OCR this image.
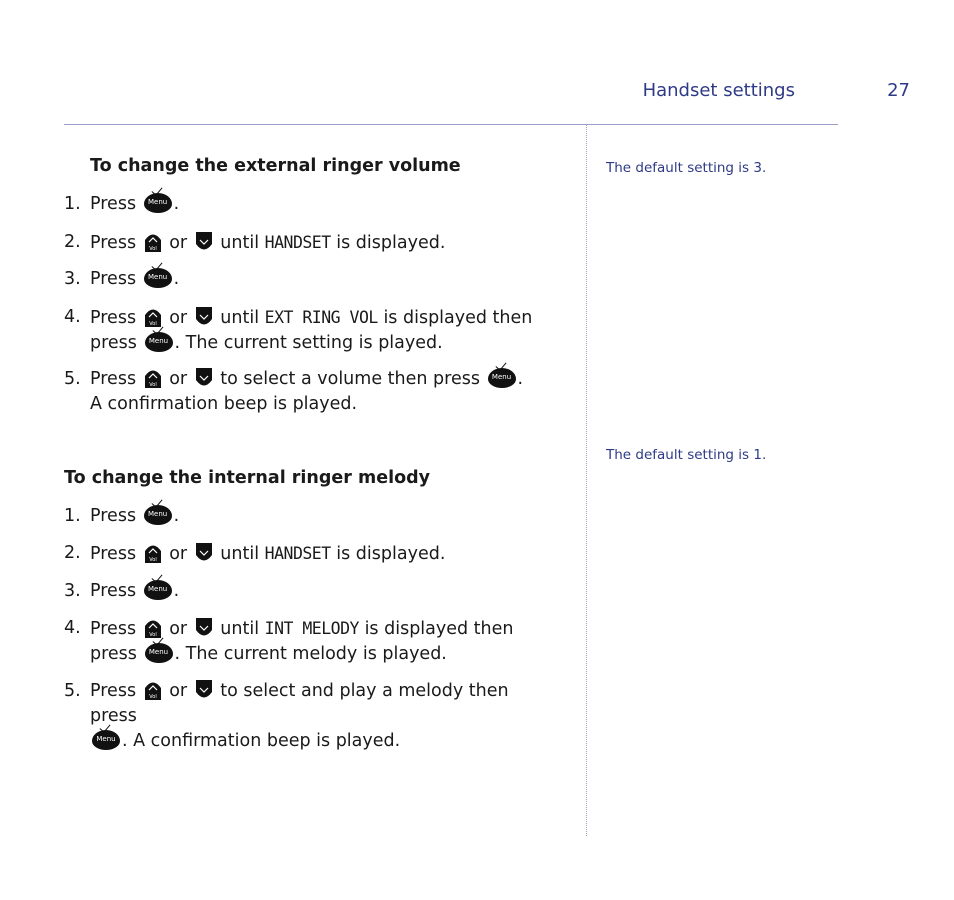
Handset settings	27
The default setting is 3.
The default setting is 1.
To change the external ringer volume
1. Press	Menu .
2. Press	Vol or until HANDSET is displayed.
3. Press	Menu .
4. Press	Vol or until EXT RING VOL is displayed then
press	Menu . The current setting is played.
5. Press	Vol or to select a volume then press	Menu .
A confirmation beep is played.
To change the internal ringer melody
1. Press	Menu .
2. Press	Vol or until HANDSET is displayed.
3. Press	Menu .
4. Press	Vol or until INT MELODY is displayed then
press	Menu . The current melody is played.
5. Press	Vol or to select and play a melody then press

Menu . A confirmation beep is played.
